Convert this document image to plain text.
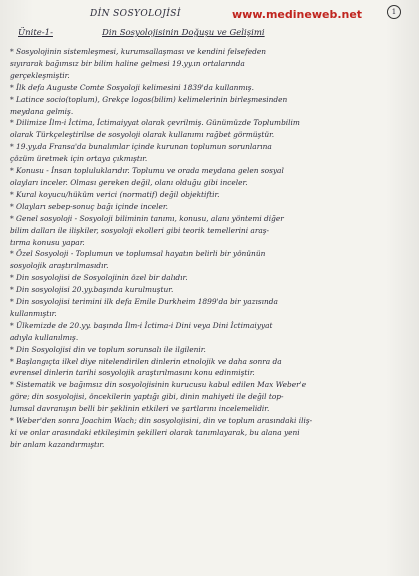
DİN SOSYOLOJİSİ	www.medineweb.net	1
Ünite-1-	Din Sosyolojisinin Doğuşu ve Gelişimi
* Sosyolojinin sistemleşmesi, kurumsallaşması ve kendini felsefeden
sıyırarak bağımsız bir bilim haline gelmesi 19.yy.ın ortalarında
gerçekleşmiştir.
* İlk defa Auguste Comte Sosyoloji kelimesini 1839'da kullanmış.
* Latince socio(toplum), Grekçe logos(bilim) kelimelerinin birleşmesinden
meydana gelmiş.
* Dilimize İlm-i İctima, İctimaiyyat olarak çevrilmiş. Günümüzde Toplumbilim
olarak Türkçeleştirilse de sosyoloji olarak kullanımı rağbet görmüştür.
* 19.yy.da Fransa'da bunalımlar içinde kurunan toplumun sorunlarına
çözüm üretmek için ortaya çıkmıştır.
* Konusu - İnsan topluluklarıdır. Toplumu ve orada meydana gelen sosyal
olayları inceler. Olması gereken değil, olanı olduğu gibi inceler.
* Kural koyucu/hüküm verici (normatif) değil objektiftir.
* Olayları sebep-sonuç bağı içinde inceler.
* Genel sosyoloji - Sosyoloji biliminin tanımı, konusu, alanı yöntemi diğer
bilim dalları ile ilişkiler, sosyoloji ekolleri gibi teorik temellerini araş-
tırma konusu yapar.
* Özel Sosyoloji - Toplumun ve toplumsal hayatın belirli bir yönünün
sosyolojik araştırılmasıdır.
* Din sosyolojisi de Sosyolojinin özel bir dalıdır.
* Din sosyolojisi 20.yy.başında kurulmuştur.
* Din sosyolojisi terimini ilk defa Emile Durkheim 1899'da bir yazısında
kullanmıştır.
* Ülkemizde de 20.yy. başında İlm-i İctima-i Dini veya Dini İctimaiyyat
adıyla kullanılmış.
* Din Sosyolojisi din ve toplum sorunsalı ile ilgilenir.
* Başlangıçta ilkel diye nitelendirilen dinlerin etnolojik ve daha sonra da
evrensel dinlerin tarihi sosyolojik araştırılmasını konu edinmiştir.
* Sistematik ve bağımsız din sosyolojisinin kurucusu kabul edilen Max Weber'e
göre; din sosyolojisi, öncekilerin yaptığı gibi, dinin mahiyeti ile değil top-
lumsal davranışın belli bir şeklinin etkileri ve şartlarını incelemelidir.
* Weber'den sonra Joachim Wach; din sosyolojisini, din ve toplum arasındaki iliş-
ki ve onlar arasındaki etkileşimin şekilleri olarak tanımlayarak, bu alana yeni
bir anlam kazandırmıştır.
